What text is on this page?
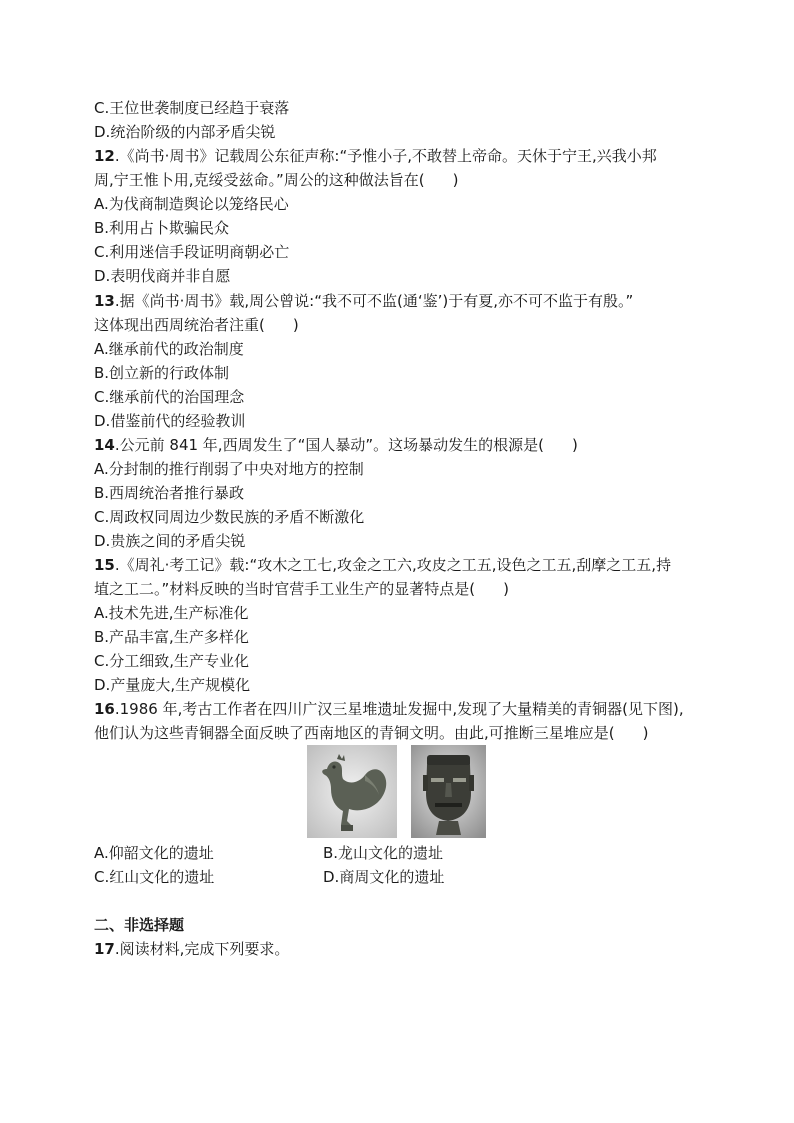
C.王位世袭制度已经趋于衰落
D.统治阶级的内部矛盾尖锐
12.《尚书·周书》记载周公东征声称:“予惟小子,不敢替上帝命。天休于宁王,兴我小邦
周,宁王惟卜用,克绥受兹命。”周公的这种做法旨在( )
A.为伐商制造舆论以笼络民心
B.利用占卜欺骗民众
C.利用迷信手段证明商朝必亡
D.表明伐商并非自愿
13.据《尚书·周书》载,周公曾说:“我不可不监(通‘鉴’)于有夏,亦不可不监于有殷。”
这体现出西周统治者注重( )
A.继承前代的政治制度
B.创立新的行政体制
C.继承前代的治国理念
D.借鉴前代的经验教训
14.公元前 841 年,西周发生了“国人暴动”。这场暴动发生的根源是( )
A.分封制的推行削弱了中央对地方的控制
B.西周统治者推行暴政
C.周政权同周边少数民族的矛盾不断激化
D.贵族之间的矛盾尖锐
15.《周礼·考工记》载:“攻木之工七,攻金之工六,攻皮之工五,设色之工五,刮摩之工五,持
埴之工二。”材料反映的当时官营手工业生产的显著特点是( )
A.技术先进,生产标准化
B.产品丰富,生产多样化
C.分工细致,生产专业化
D.产量庞大,生产规模化
16.1986 年,考古工作者在四川广汉三星堆遗址发掘中,发现了大量精美的青铜器(见下图),
他们认为这些青铜器全面反映了西南地区的青铜文明。由此,可推断三星堆应是( )
A.仰韶文化的遗址	B.龙山文化的遗址
C.红山文化的遗址	D.商周文化的遗址
二、非选择题
17.阅读材料,完成下列要求。
